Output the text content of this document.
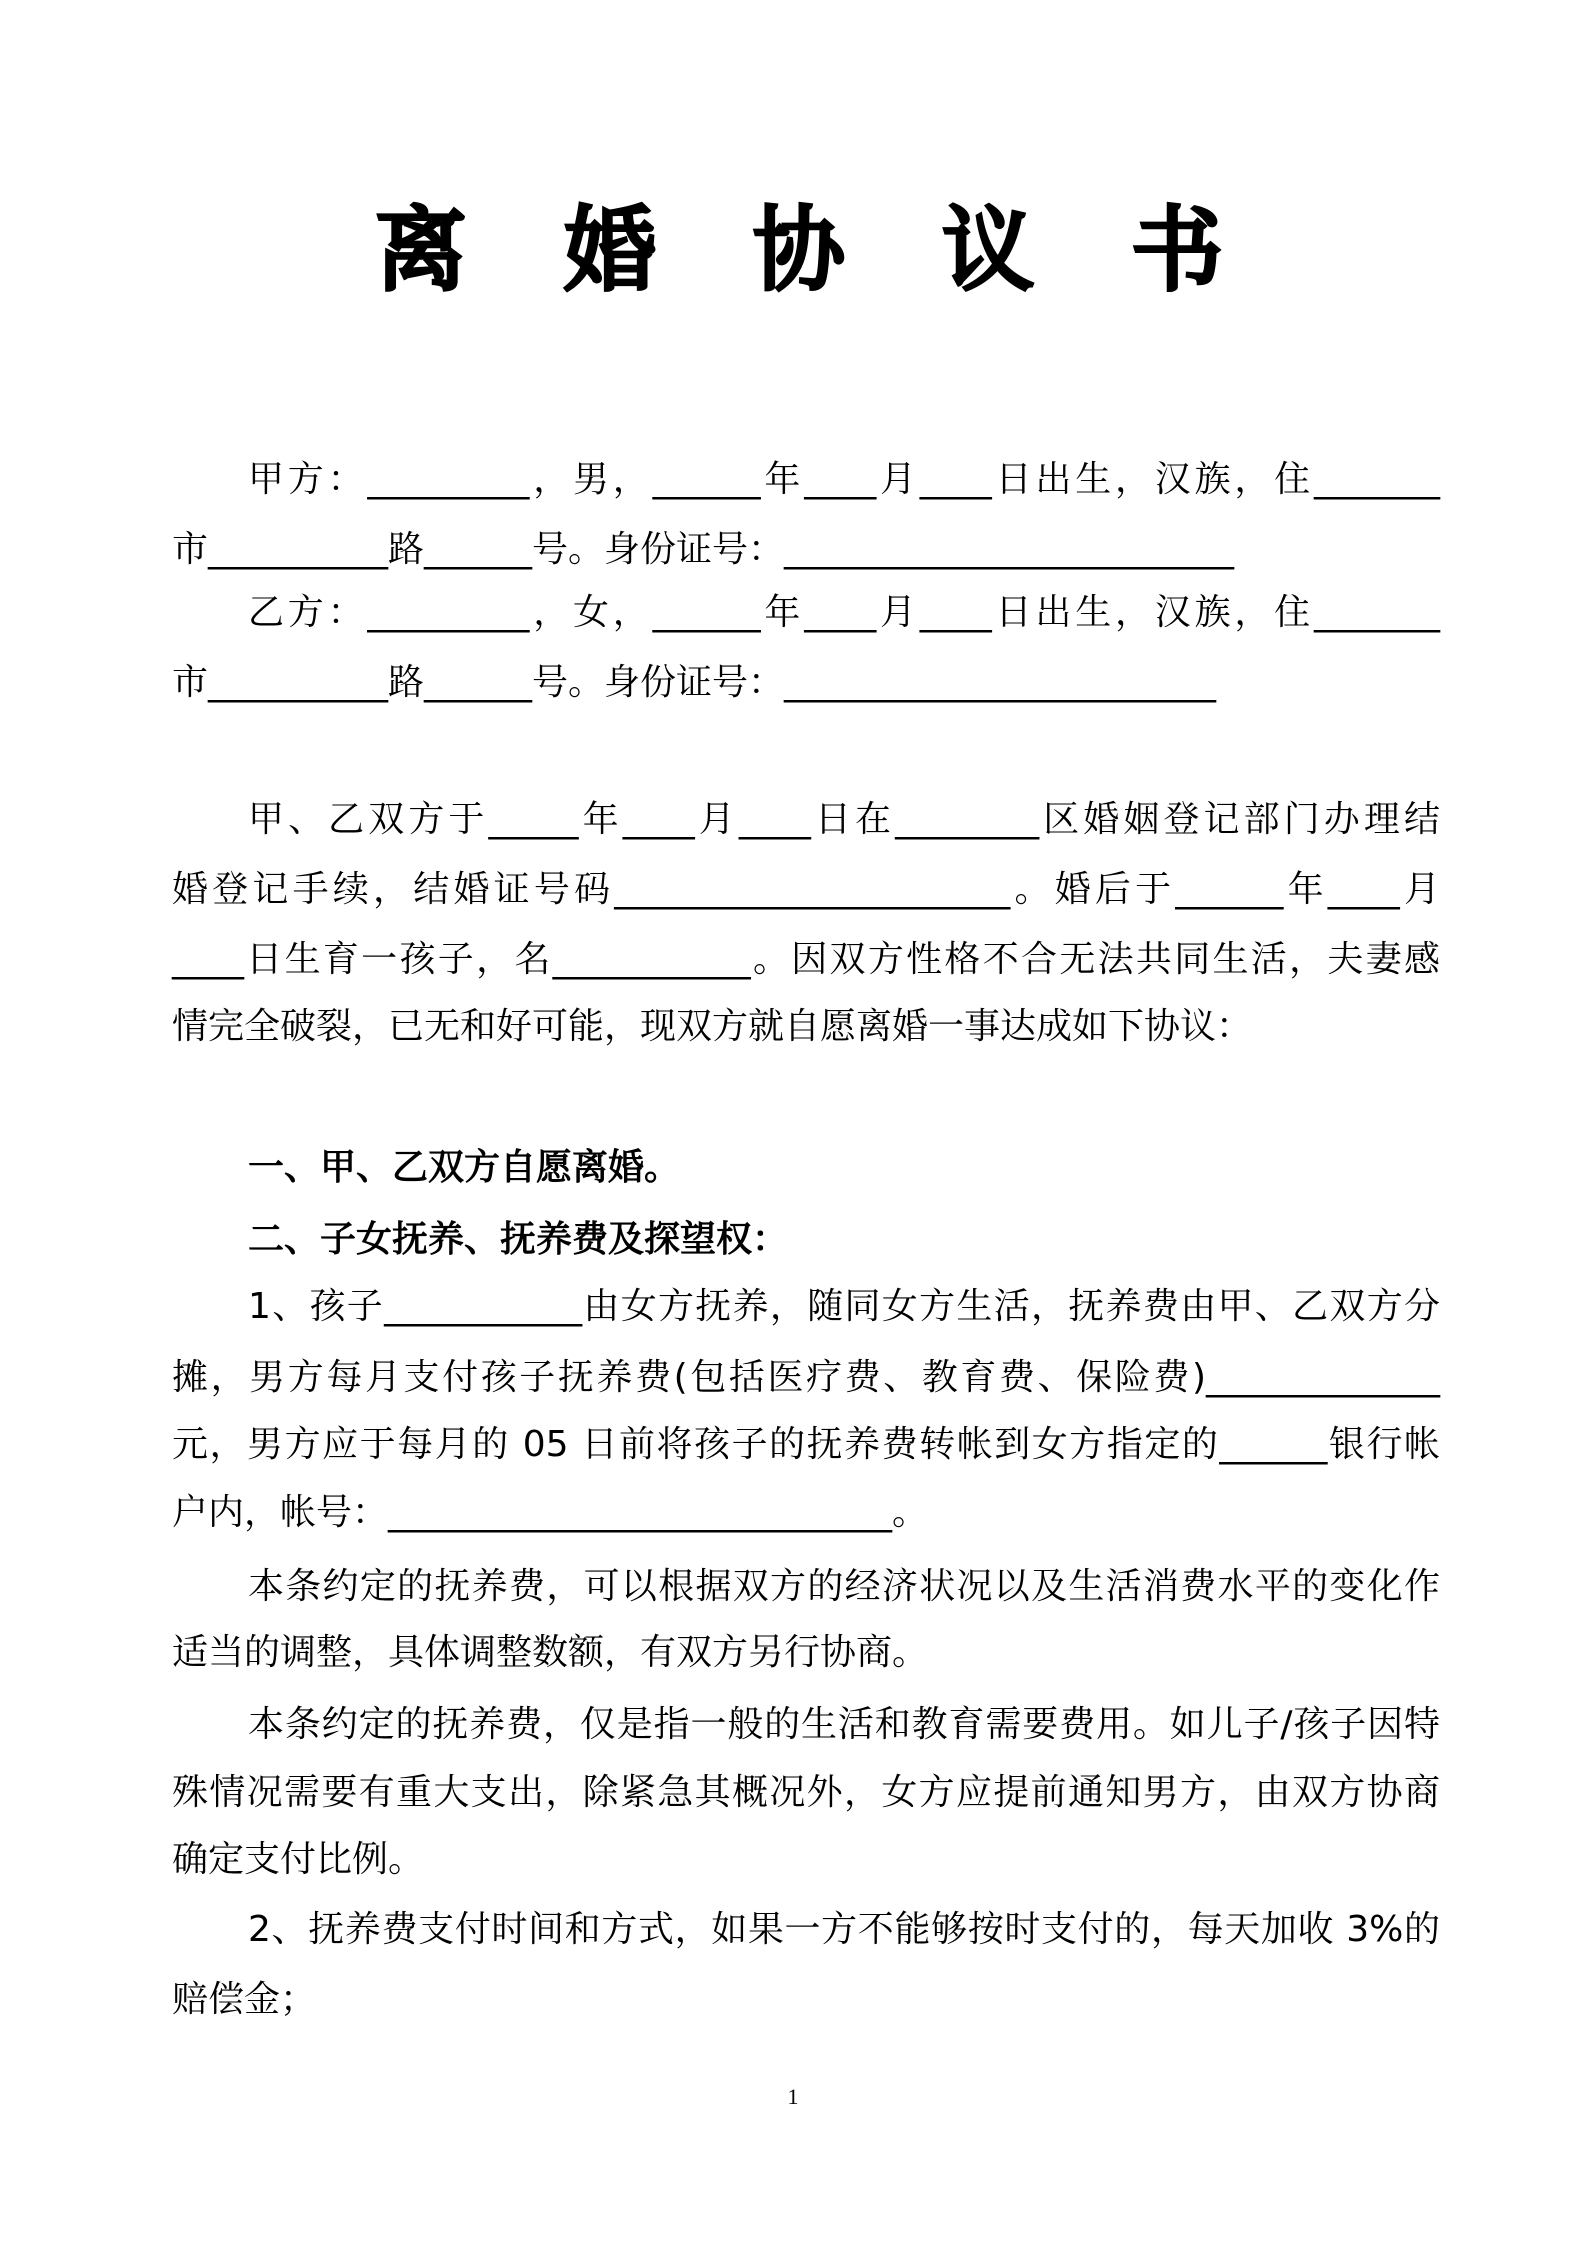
离 婚 协 议 书
甲方：_________，男，______年____月____日出生，汉族，住_______
市__________路______号。身份证号：_________________________
乙方：_________，女，______年____月____日出生，汉族，住_______
市__________路______号。身份证号：________________________
甲、乙双方于_____年____月____日在________区婚姻登记部门办理结
婚登记手续，结婚证号码______________________。婚后于______年____月
____日生育一孩子，名___________。因双方性格不合无法共同生活，夫妻感
情完全破裂，已无和好可能，现双方就自愿离婚一事达成如下协议：
一、甲、乙双方自愿离婚。
二、子女抚养、抚养费及探望权：
1、孩子___________由女方抚养，随同女方生活，抚养费由甲、乙双方分
摊，男方每月支付孩子抚养费(包括医疗费、教育费、保险费)_____________
元，男方应于每月的 05 日前将孩子的抚养费转帐到女方指定的______银行帐
户内，帐号：____________________________。
本条约定的抚养费，可以根据双方的经济状况以及生活消费水平的变化作
适当的调整，具体调整数额，有双方另行协商。
本条约定的抚养费，仅是指一般的生活和教育需要费用。如儿子/孩子因特
殊情况需要有重大支出，除紧急其概况外，女方应提前通知男方，由双方协商
确定支付比例。
2、抚养费支付时间和方式，如果一方不能够按时支付的，每天加收 3%的
赔偿金；
1
